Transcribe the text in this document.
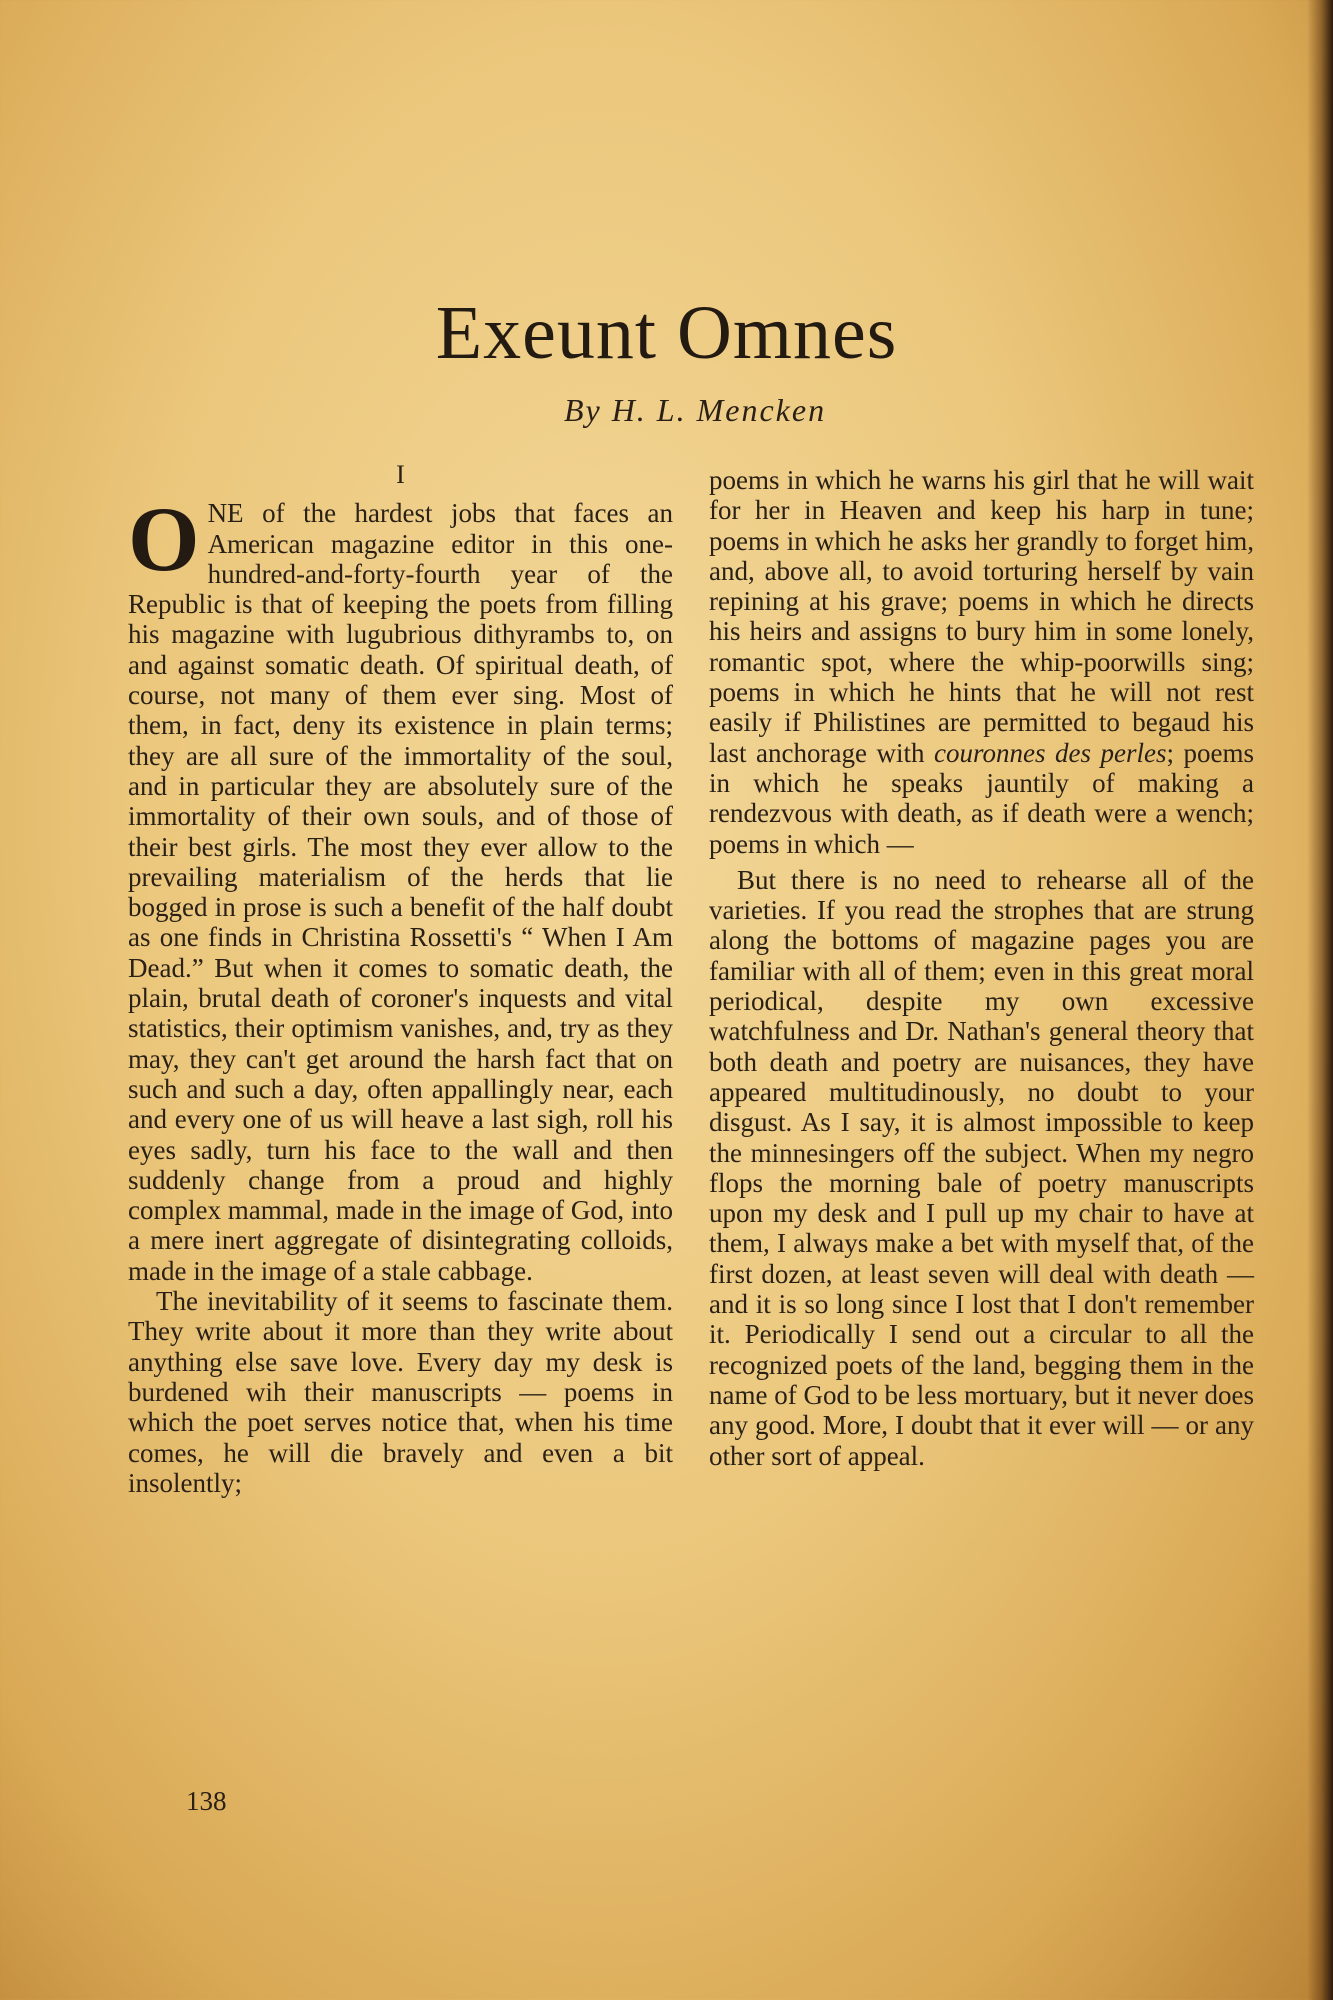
Exeunt Omnes
By H. L. Mencken
I

ONE of the hardest jobs that faces an American magazine editor in this one-hundred-and-forty-fourth year of the Republic is that of keeping the poets from filling his magazine with lugubrious dithyrambs to, on and against somatic death. Of spiritual death, of course, not many of them ever sing. Most of them, in fact, deny its existence in plain terms; they are all sure of the immortality of the soul, and in particular they are absolutely sure of the immortality of their own souls, and of those of their best girls. The most they ever allow to the prevailing materialism of the herds that lie bogged in prose is such a benefit of the half doubt as one finds in Christina Rossetti's “ When I Am Dead.” But when it comes to somatic death, the plain, brutal death of coroner's inquests and vital statistics, their optimism vanishes, and, try as they may, they can't get around the harsh fact that on such and such a day, often appallingly near, each and every one of us will heave a last sigh, roll his eyes sadly, turn his face to the wall and then suddenly change from a proud and highly complex mammal, made in the image of God, into a mere inert aggregate of disintegrating colloids, made in the image of a stale cabbage.

The inevitability of it seems to fascinate them. They write about it more than they write about anything else save love. Every day my desk is burdened wih their manuscripts — poems in which the poet serves notice that, when his time comes, he will die bravely and even a bit insolently;

poems in which he warns his girl that he will wait for her in Heaven and keep his harp in tune; poems in which he asks her grandly to forget him, and, above all, to avoid torturing herself by vain repining at his grave; poems in which he directs his heirs and assigns to bury him in some lonely, romantic spot, where the whip-poorwills sing; poems in which he hints that he will not rest easily if Philistines are permitted to begaud his last anchorage with couronnes des perles; poems in which he speaks jauntily of making a rendezvous with death, as if death were a wench; poems in which —

But there is no need to rehearse all of the varieties. If you read the strophes that are strung along the bottoms of magazine pages you are familiar with all of them; even in this great moral periodical, despite my own excessive watchfulness and Dr. Nathan's general theory that both death and poetry are nuisances, they have appeared multitudinously, no doubt to your disgust. As I say, it is almost impossible to keep the minnesingers off the subject. When my negro flops the morning bale of poetry manuscripts upon my desk and I pull up my chair to have at them, I always make a bet with myself that, of the first dozen, at least seven will deal with death — and it is so long since I lost that I don't remember it. Periodically I send out a circular to all the recognized poets of the land, begging them in the name of God to be less mortuary, but it never does any good. More, I doubt that it ever will — or any other sort of appeal.

138
